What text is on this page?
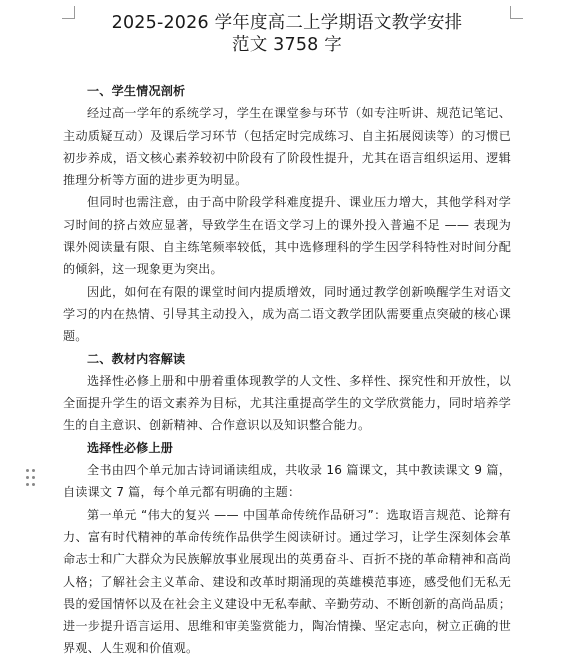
2025-2026 学年度高二上学期语文教学安排
范文 3758 字
一、学生情况剖析

经过高一学年的系统学习，学生在课堂参与环节（如专注听讲、规范记笔记、主动质疑互动）及课后学习环节（包括定时完成练习、自主拓展阅读等）的习惯已初步养成，语文核心素养较初中阶段有了阶段性提升，尤其在语言组织运用、逻辑推理分析等方面的进步更为明显。

但同时也需注意，由于高中阶段学科难度提升、课业压力增大，其他学科对学习时间的挤占效应显著，导致学生在语文学习上的课外投入普遍不足 —— 表现为课外阅读量有限、自主练笔频率较低，其中选修理科的学生因学科特性对时间分配的倾斜，这一现象更为突出。

因此，如何在有限的课堂时间内提质增效，同时通过教学创新唤醒学生对语文学习的内在热情、引导其主动投入，成为高二语文教学团队需要重点突破的核心课题。

二、教材内容解读

选择性必修上册和中册着重体现教学的人文性、多样性、探究性和开放性，以全面提升学生的语文素养为目标，尤其注重提高学生的文学欣赏能力，同时培养学生的自主意识、创新精神、合作意识以及知识整合能力。

选择性必修上册

全书由四个单元加古诗词诵读组成，共收录 16 篇课文，其中教读课文 9 篇，自读课文 7 篇，每个单元都有明确的主题：

第一单元 “伟大的复兴 —— 中国革命传统作品研习”：选取语言规范、论辩有力、富有时代精神的革命传统作品供学生阅读研讨。通过学习，让学生深刻体会革命志士和广大群众为民族解放事业展现出的英勇奋斗、百折不挠的革命精神和高尚人格；了解社会主义革命、建设和改革时期涌现的英雄模范事迹，感受他们无私无畏的爱国情怀以及在社会主义建设中无私奉献、辛勤劳动、不断创新的高尚品质；进一步提升语言运用、思维和审美鉴赏能力，陶冶情操、坚定志向，树立正确的世界观、人生观和价值观。
